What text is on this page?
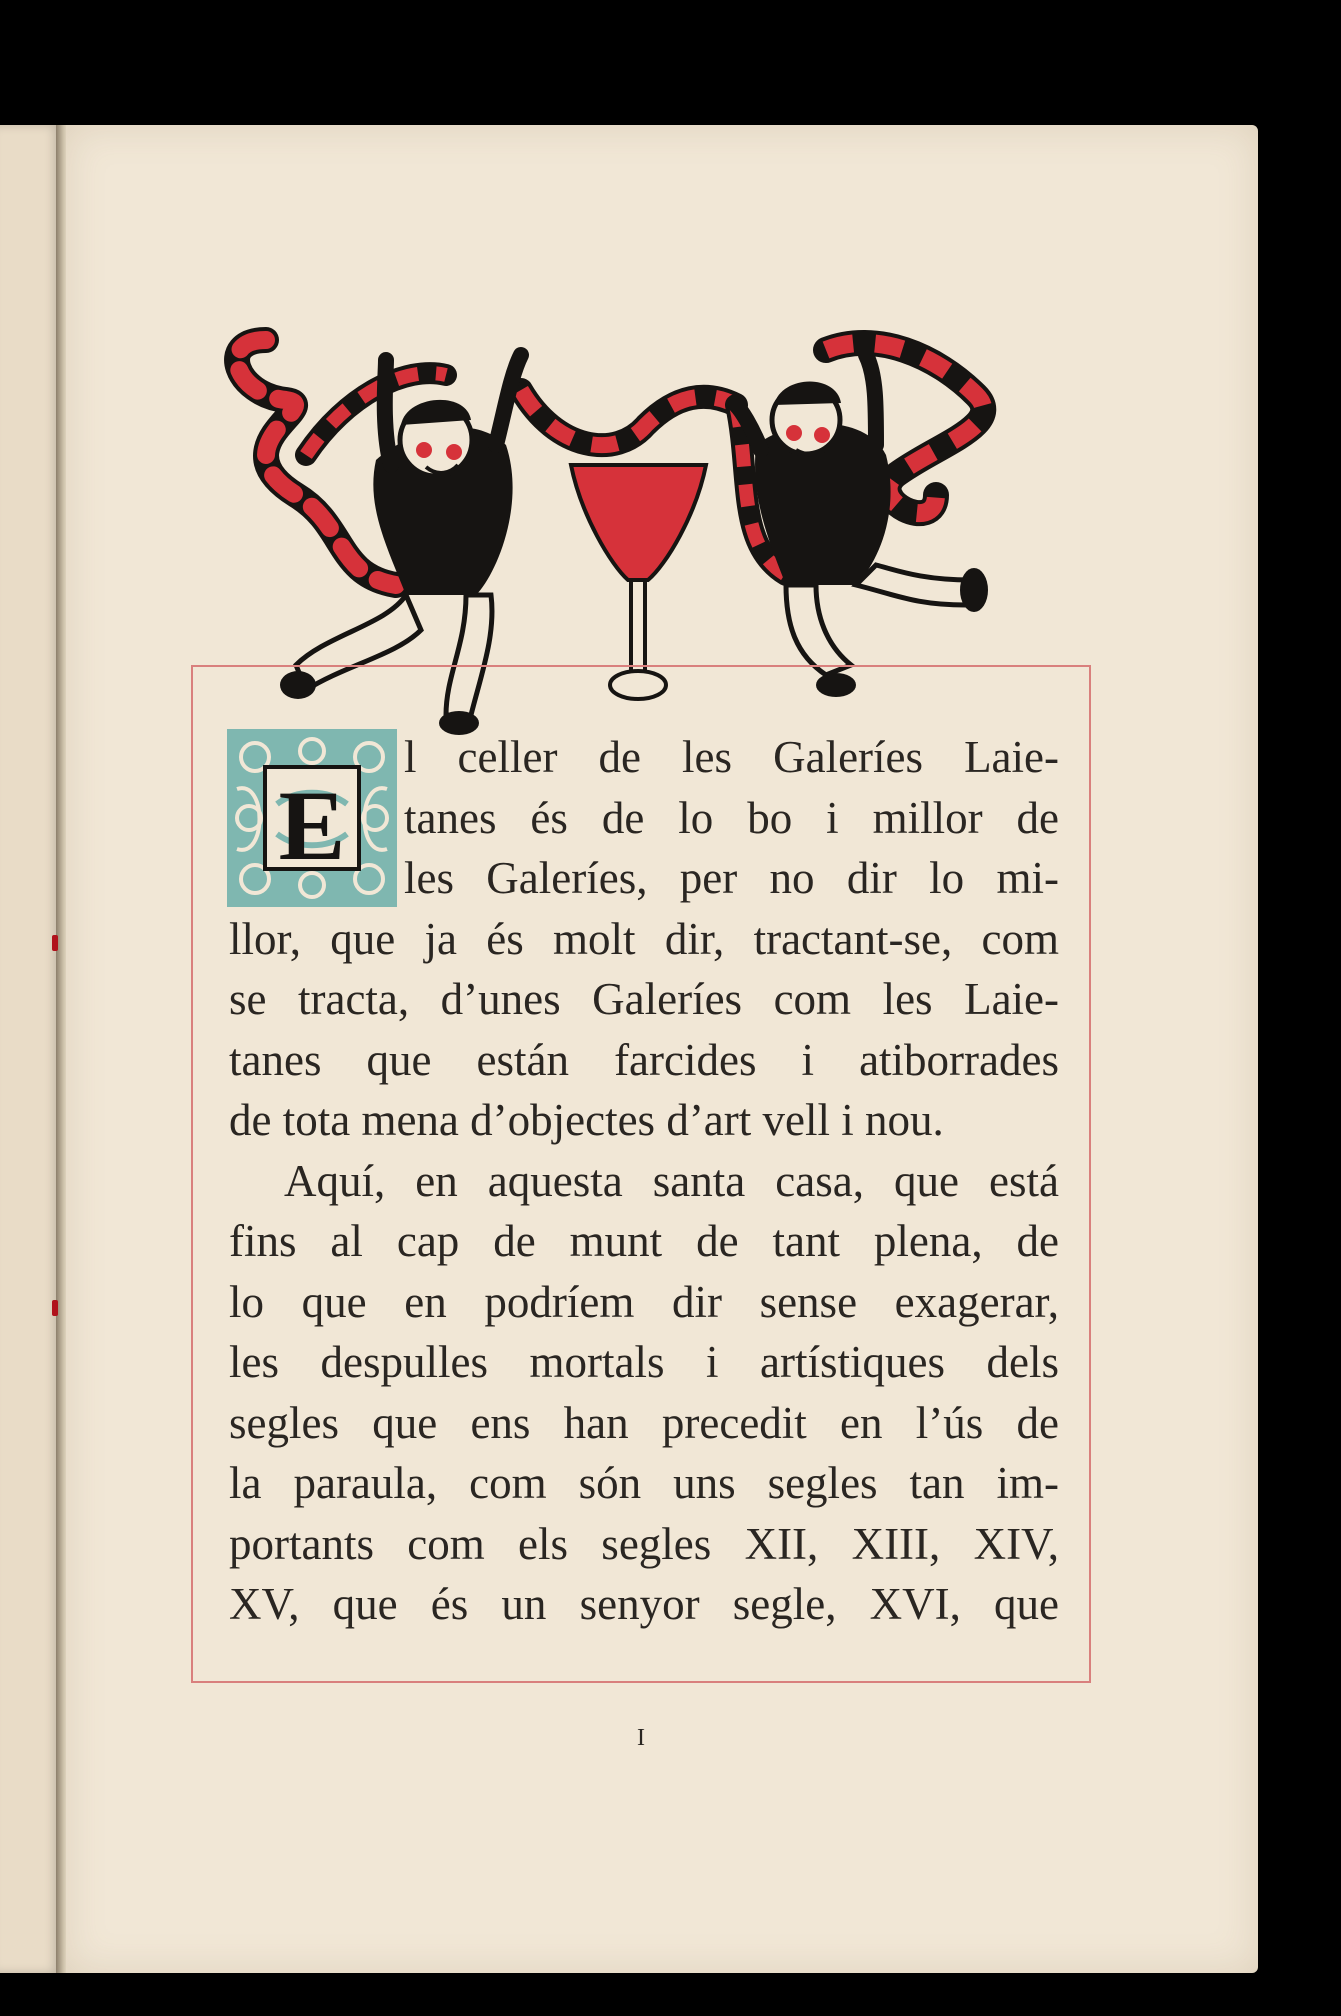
E
l celler de les Galeríes Laie-
tanes és de lo bo i millor de
les Galeríes, per no dir lo mi-
llor, que ja és molt dir, tractant-se, com
se tracta, d’unes Galeríes com les Laie-
tanes que están farcides i atiborrades
de tota mena d’objectes d’art vell i nou.
Aquí, en aquesta santa casa, que está
fins al cap de munt de tant plena, de
lo que en podríem dir sense exagerar,
les despulles mortals i artístiques dels
segles que ens han precedit en l’ús de
la paraula, com són uns segles tan im-
portants com els segles XII, XIII, XIV,
XV, que és un senyor segle, XVI, que
I
